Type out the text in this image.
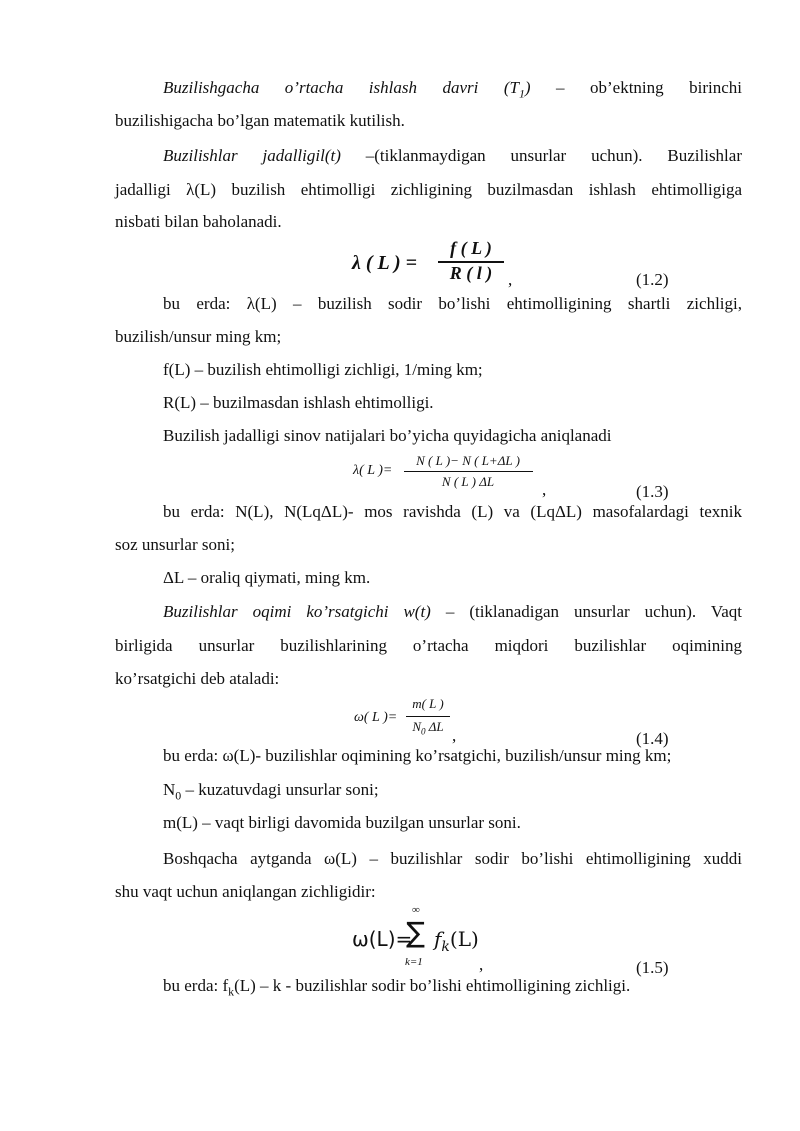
Buzilishgacha o’rtacha ishlash davri $(T_1)$ – ob’ektning birinchi
buzilishigacha bo’lgan matematik kutilish.
Buzilishlar jadalligil(t) –(tiklanmaydigan unsurlar uchun). Buzilishlar
jadalligi λ(L) buzilish ehtimolligi zichligining buzilmasdan ishlash ehtimolligiga
nisbati bilan baholanadi.
λ ( L ) =
f ( L )
R ( l ) ,	(1.2)
bu erda: λ(L) – buzilish sodir bo’lishi ehtimolligining shartli zichligi,
buzilish/unsur ming km;
f(L) – buzilish ehtimolligi zichligi, 1/ming km;
R(L) – buzilmasdan ishlash ehtimolligi.
Buzilish jadalligi sinov natijalari bo’yicha quyidagicha aniqlanadi
λ( L )=
N ( L )− N ( L+ΔL )
N ( L ) ΔL	,	(1.3)
bu erda: N(L), N(LqΔL)- mos ravishda (L) va (LqΔL) masofalardagi texnik
soz unsurlar soni;
ΔL – oraliq qiymati, ming km.
Buzilishlar oqimi ko’rsatgichi w(t) – (tiklanadigan unsurlar uchun). Vaqt
birligida unsurlar buzilishlarining o’rtacha miqdori buzilishlar oqimining
ko’rsatgichi deb ataladi:
ω( L )=
m( L )
$N_0$ ΔL ,	(1.4)
bu erda: ω(L)- buzilishlar oqimining ko’rsatgichi, buzilish/unsur ming km;
$N_0$ – kuzatuvdagi unsurlar soni;
m(L) – vaqt birligi davomida buzilgan unsurlar soni.
Boshqacha aytganda ω(L) – buzilishlar sodir bo’lishi ehtimolligining xuddi
shu vaqt uchun aniqlangan zichligidir:
ω(L)=
∞
∑
k=1
$f_k(L)$
,	(1.5)
bu erda: $f_k(L)$ – k - buzilishlar sodir bo’lishi ehtimolligining zichligi.
